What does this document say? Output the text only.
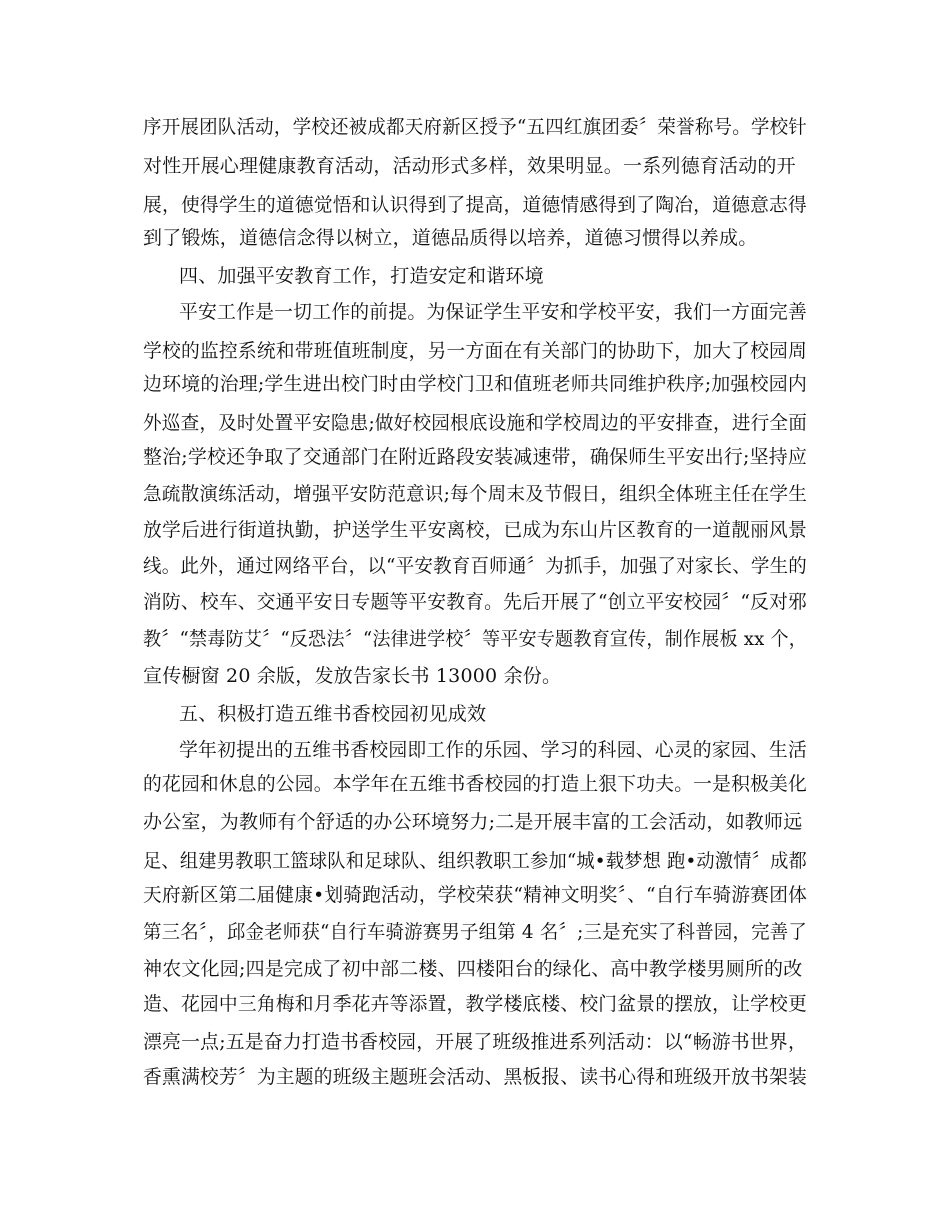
序开展团队活动，学校还被成都天府新区授予“五四红旗团委〞荣誉称号。学校针
对性开展心理健康教育活动，活动形式多样，效果明显。一系列德育活动的开
展，使得学生的道德觉悟和认识得到了提高，道德情感得到了陶冶，道德意志得
到了锻炼，道德信念得以树立，道德品质得以培养，道德习惯得以养成。
四、加强平安教育工作，打造安定和谐环境
平安工作是一切工作的前提。为保证学生平安和学校平安，我们一方面完善
学校的监控系统和带班值班制度，另一方面在有关部门的协助下，加大了校园周
边环境的治理;学生进出校门时由学校门卫和值班老师共同维护秩序;加强校园内
外巡查，及时处置平安隐患;做好校园根底设施和学校周边的平安排查，进行全面
整治;学校还争取了交通部门在附近路段安装减速带，确保师生平安出行;坚持应
急疏散演练活动，增强平安防范意识;每个周末及节假日，组织全体班主任在学生
放学后进行街道执勤，护送学生平安离校，已成为东山片区教育的一道靓丽风景
线。此外，通过网络平台，以“平安教育百师通〞为抓手，加强了对家长、学生的
消防、校车、交通平安日专题等平安教育。先后开展了“创立平安校园〞“反对邪
教〞“禁毒防艾〞“反恐法〞“法律进学校〞等平安专题教育宣传，制作展板 xx 个，
宣传橱窗 20 余版，发放告家长书 13000 余份。
五、积极打造五维书香校园初见成效
学年初提出的五维书香校园即工作的乐园、学习的科园、心灵的家园、生活
的花园和休息的公园。本学年在五维书香校园的打造上狠下功夫。一是积极美化
办公室，为教师有个舒适的办公环境努力;二是开展丰富的工会活动，如教师远
足、组建男教职工篮球队和足球队、组织教职工参加“城•载梦想 跑•动激情〞成都
天府新区第二届健康•划骑跑活动，学校荣获“精神文明奖〞、“自行车骑游赛团体
第三名〞，邱金老师获“自行车骑游赛男子组第 4 名〞;三是充实了科普园，完善了
神农文化园;四是完成了初中部二楼、四楼阳台的绿化、高中教学楼男厕所的改
造、花园中三角梅和月季花卉等添置，教学楼底楼、校门盆景的摆放，让学校更
漂亮一点;五是奋力打造书香校园，开展了班级推进系列活动：以“畅游书世界，
香熏满校芳〞为主题的班级主题班会活动、黑板报、读书心得和班级开放书架装
